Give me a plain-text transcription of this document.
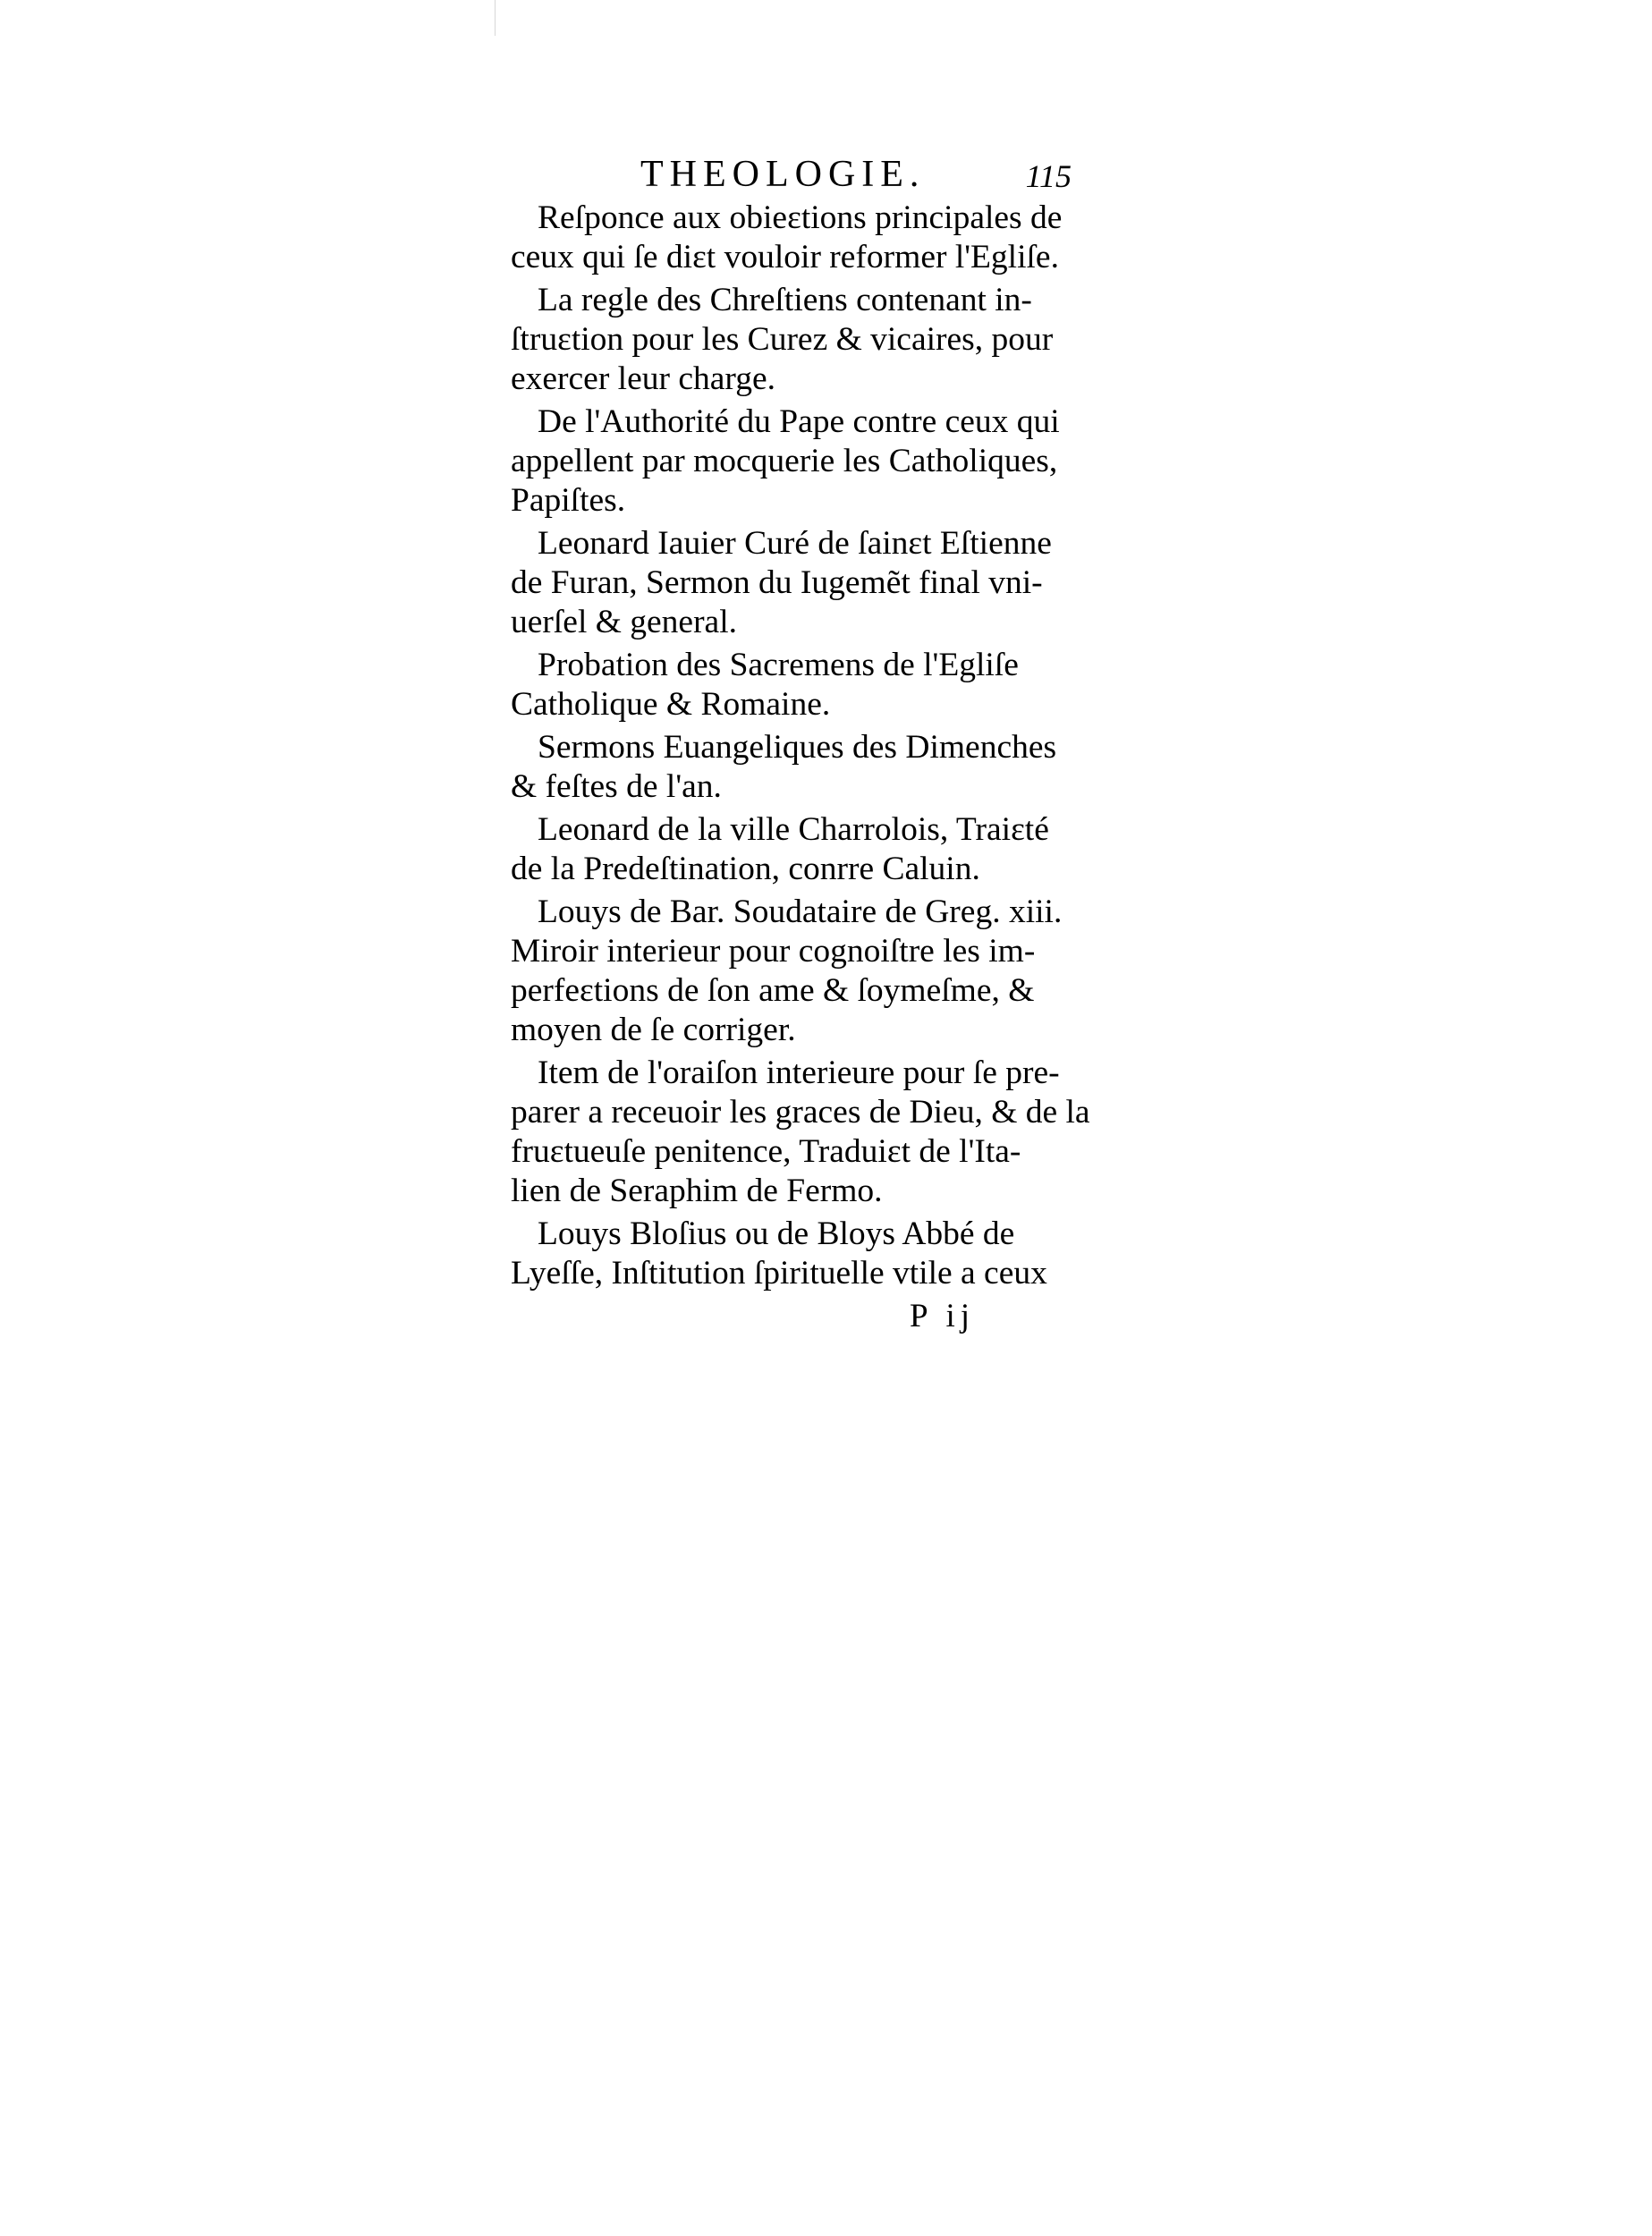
THEOLOGIE.	115

Reſponce aux obieɛtions principales de
ceux qui ſe diɛt vouloir reformer l'Egliſe.

La regle des Chreſtiens contenant in-
ſtruɛtion pour les Curez & vicaires, pour
exercer leur charge.

De l'Authorité du Pape contre ceux qui
appellent par mocquerie les Catholiques,
Papiſtes.

Leonard Iauier Curé de ſainɛt Eſtienne
de Furan, Sermon du Iugemẽt final vni-
uerſel & general.

Probation des Sacremens de l'Egliſe
Catholique & Romaine.

Sermons Euangeliques des Dimenches
& feſtes de l'an.

Leonard de la ville Charrolois, Traiɛté
de la Predeſtination, conrre Caluin.

Louys de Bar. Soudataire de Greg. xiii.
Miroir interieur pour cognoiſtre les im-
perfeɛtions de ſon ame & ſoymeſme, &
moyen de ſe corriger.

Item de l'oraiſon interieure pour ſe pre-
parer a receuoir les graces de Dieu, & de la
fruɛtueuſe penitence, Traduiɛt de l'Ita-
lien de Seraphim de Fermo.

Louys Bloſius ou de Bloys Abbé de
Lyeſſe, Inſtitution ſpirituelle vtile a ceux

P ij
